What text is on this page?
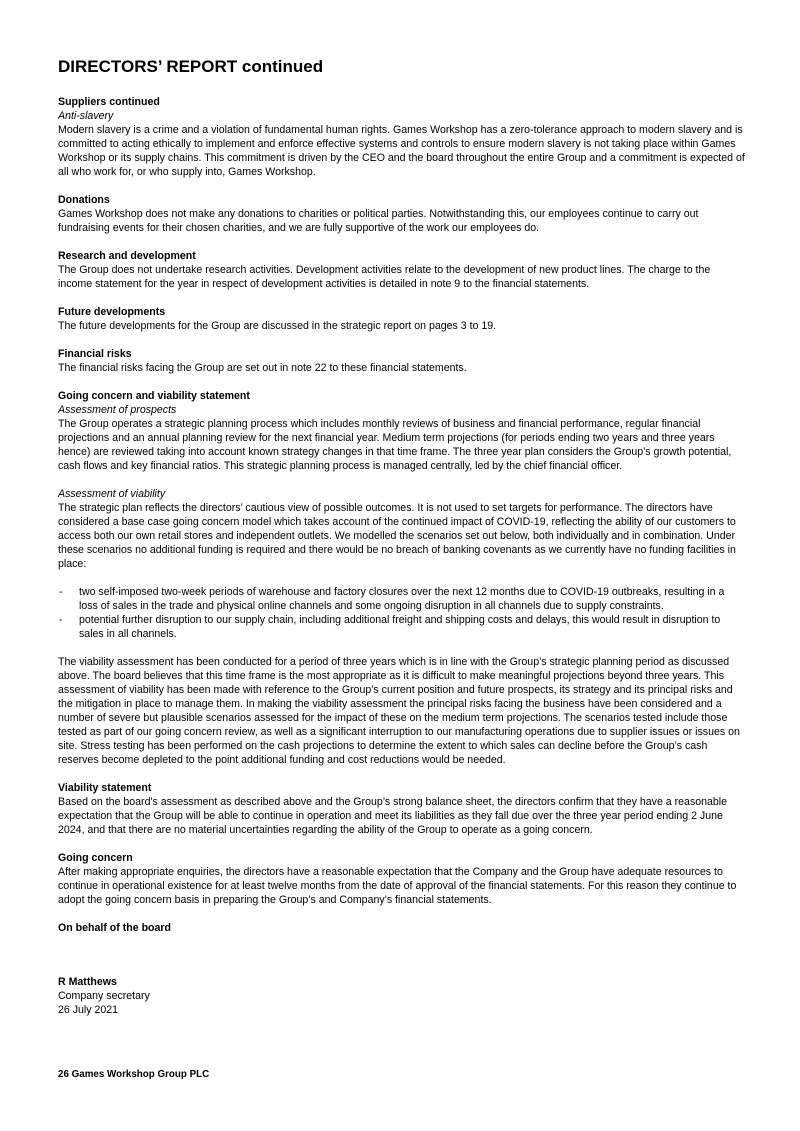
DIRECTORS’ REPORT continued
Suppliers continued
Anti-slavery
Modern slavery is a crime and a violation of fundamental human rights. Games Workshop has a zero-tolerance approach to modern slavery and is committed to acting ethically to implement and enforce effective systems and controls to ensure modern slavery is not taking place within Games Workshop or its supply chains. This commitment is driven by the CEO and the board throughout the entire Group and a commitment is expected of all who work for, or who supply into, Games Workshop.
Donations
Games Workshop does not make any donations to charities or political parties. Notwithstanding this, our employees continue to carry out fundraising events for their chosen charities, and we are fully supportive of the work our employees do.
Research and development
The Group does not undertake research activities. Development activities relate to the development of new product lines. The charge to the income statement for the year in respect of development activities is detailed in note 9 to the financial statements.
Future developments
The future developments for the Group are discussed in the strategic report on pages 3 to 19.
Financial risks
The financial risks facing the Group are set out in note 22 to these financial statements.
Going concern and viability statement
Assessment of prospects
The Group operates a strategic planning process which includes monthly reviews of business and financial performance, regular financial projections and an annual planning review for the next financial year. Medium term projections (for periods ending two years and three years hence) are reviewed taking into account known strategy changes in that time frame. The three year plan considers the Group’s growth potential, cash flows and key financial ratios. This strategic planning process is managed centrally, led by the chief financial officer.
Assessment of viability
The strategic plan reflects the directors’ cautious view of possible outcomes. It is not used to set targets for performance. The directors have considered a base case going concern model which takes account of the continued impact of COVID-19, reflecting the ability of our customers to access both our own retail stores and independent outlets. We modelled the scenarios set out below, both individually and in combination. Under these scenarios no additional funding is required and there would be no breach of banking covenants as we currently have no funding facilities in place:
- two self-imposed two-week periods of warehouse and factory closures over the next 12 months due to COVID-19 outbreaks, resulting in a loss of sales in the trade and physical online channels and some ongoing disruption in all channels due to supply constraints.
- potential further disruption to our supply chain, including additional freight and shipping costs and delays, this would result in disruption to sales in all channels.
The viability assessment has been conducted for a period of three years which is in line with the Group’s strategic planning period as discussed above. The board believes that this time frame is the most appropriate as it is difficult to make meaningful projections beyond three years. This assessment of viability has been made with reference to the Group’s current position and future prospects, its strategy and its principal risks and the mitigation in place to manage them. In making the viability assessment the principal risks facing the business have been considered and a number of severe but plausible scenarios assessed for the impact of these on the medium term projections. The scenarios tested include those tested as part of our going concern review, as well as a significant interruption to our manufacturing operations due to supplier issues or issues on site. Stress testing has been performed on the cash projections to determine the extent to which sales can decline before the Group’s cash reserves become depleted to the point additional funding and cost reductions would be needed.
Viability statement
Based on the board's assessment as described above and the Group’s strong balance sheet, the directors confirm that they have a reasonable expectation that the Group will be able to continue in operation and meet its liabilities as they fall due over the three year period ending 2 June 2024, and that there are no material uncertainties regarding the ability of the Group to operate as a going concern.
Going concern
After making appropriate enquiries, the directors have a reasonable expectation that the Company and the Group have adequate resources to continue in operational existence for at least twelve months from the date of approval of the financial statements. For this reason they continue to adopt the going concern basis in preparing the Group’s and Company’s financial statements.
On behalf of the board
R Matthews
Company secretary
26 July 2021
26 Games Workshop Group PLC
